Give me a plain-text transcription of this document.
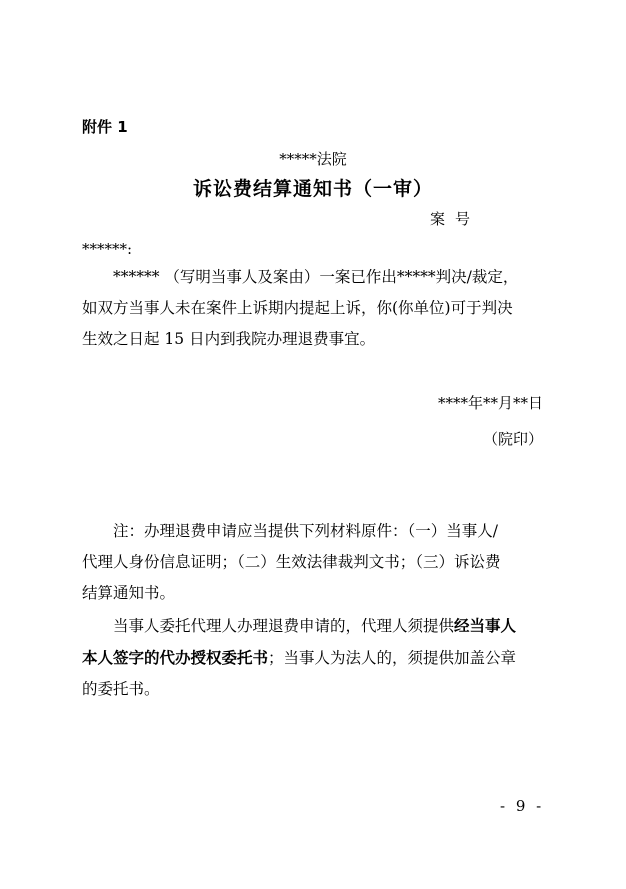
附件 1
*****法院
诉讼费结算通知书（一审）
案号
******:
****** （写明当事人及案由）一案已作出*****判决/裁定，
如双方当事人未在案件上诉期内提起上诉，你(你单位)可于判决
生效之日起 15 日内到我院办理退费事宜。
****年**月**日
（院印）
注：办理退费申请应当提供下列材料原件：（一）当事人/
代理人身份信息证明；（二）生效法律裁判文书；（三）诉讼费
结算通知书。
当事人委托代理人办理退费申请的，代理人须提供经当事人
本人签字的代办授权委托书；当事人为法人的，须提供加盖公章
的委托书。
- 9 -
